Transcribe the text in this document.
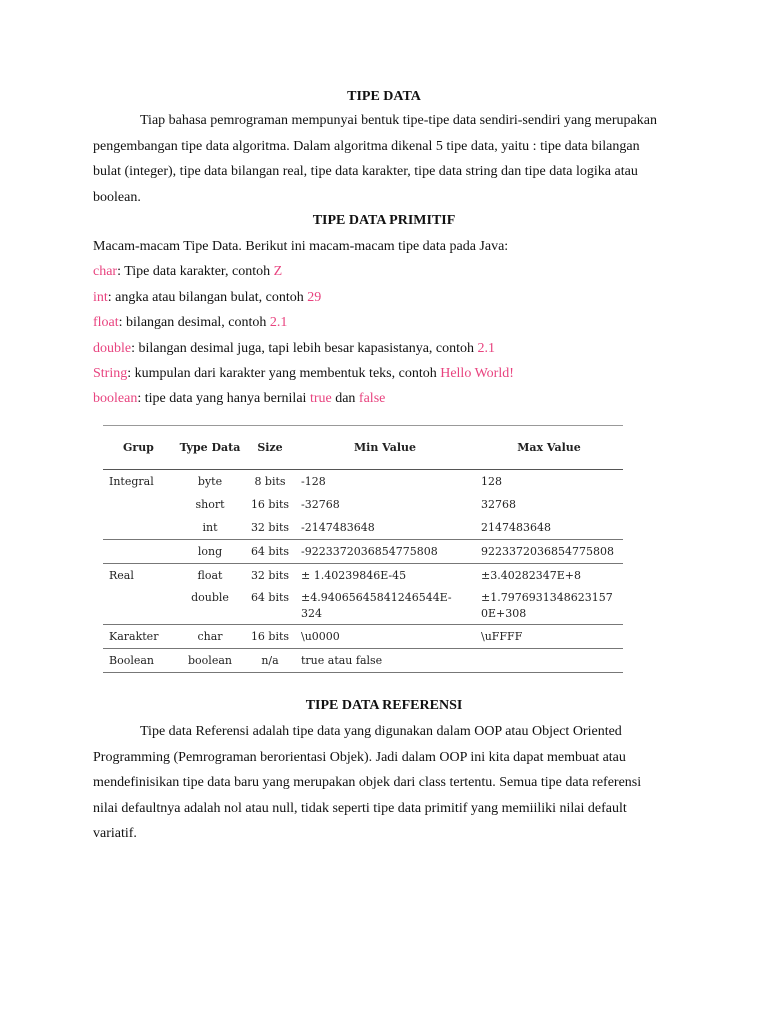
TIPE DATA

Tiap bahasa pemrograman mempunyai bentuk tipe-tipe data sendiri-sendiri yang merupakan pengembangan tipe data algoritma. Dalam algoritma dikenal 5 tipe data, yaitu : tipe data bilangan bulat (integer), tipe data bilangan real, tipe data karakter, tipe data string dan tipe data logika atau boolean.

TIPE DATA PRIMITIF
Macam-macam Tipe Data. Berikut ini macam-macam tipe data pada Java:
char: Tipe data karakter, contoh Z
int: angka atau bilangan bulat, contoh 29
float: bilangan desimal, contoh 2.1
double: bilangan desimal juga, tapi lebih besar kapasistanya, contoh 2.1
String: kumpulan dari karakter yang membentuk teks, contoh Hello World!
boolean: tipe data yang hanya bernilai true dan false
Grup	Type Data	Size	Min Value	Max Value
Integral	byte	8 bits	-128	128
	short	16 bits	-32768	32768
	int	32 bits	-2147483648	2147483648
	long	64 bits	-9223372036854775808	9223372036854775808
Real	float	32 bits	± 1.40239846E-45	±3.40282347E+8
	double	64 bits	±4.94065645841246544E-324	±1.79769313486231570E+308
Karakter	char	16 bits	\u0000	\uFFFF
Boolean	boolean	n/a	true atau false	
TIPE DATA REFERENSI

Tipe data Referensi adalah tipe data yang digunakan dalam OOP atau Object Oriented Programming (Pemrograman berorientasi Objek). Jadi dalam OOP ini kita dapat membuat atau mendefinisikan tipe data baru yang merupakan objek dari class tertentu. Semua tipe data referensi nilai defaultnya adalah nol atau null, tidak seperti tipe data primitif yang memiiliki nilai default variatif.
